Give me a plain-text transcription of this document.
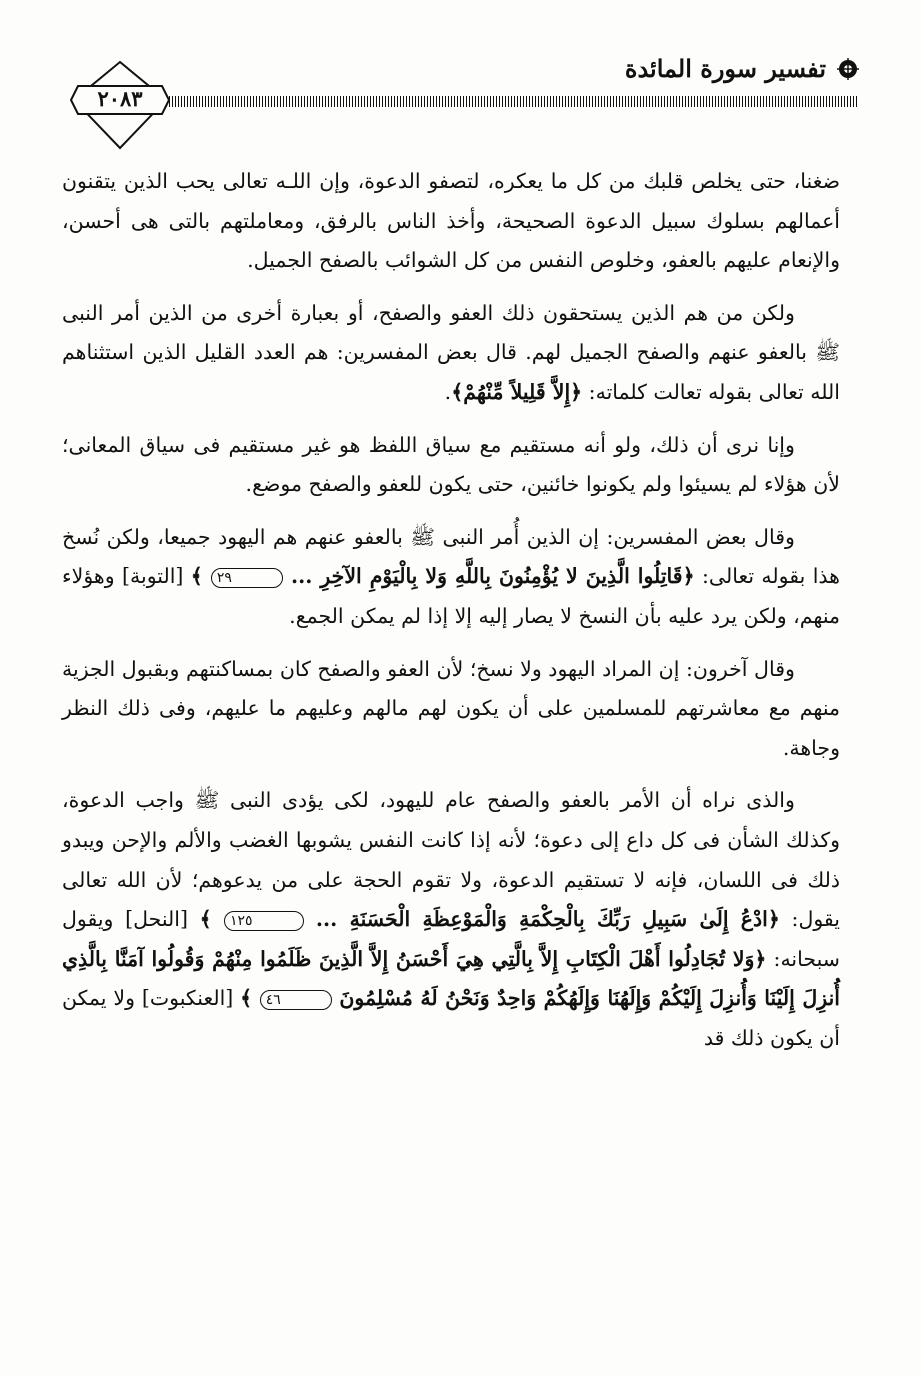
تفسير سورة المائدة
٢٠٨٣

ضغنا، حتى يخلص قلبك من كل ما يعكره، لتصفو الدعوة، وإن اللـه تعالى يحب الذين يتقنون أعمالهم بسلوك سبيل الدعوة الصحيحة، وأخذ الناس بالرفق، ومعاملتهم بالتى هى أحسن، والإنعام عليهم بالعفو، وخلوص النفس من كل الشوائب بالصفح الجميل.

ولكن من هم الذين يستحقون ذلك العفو والصفح، أو بعبارة أخرى من الذين أمر النبى ﷺ بالعفو عنهم والصفح الجميل لهم. قال بعض المفسرين: هم العدد القليل الذين استثناهم الله تعالى بقوله تعالت كلماته: ﴿إِلاَّ قَلِيلاً مِّنْهُمْ﴾.

وإنا نرى أن ذلك، ولو أنه مستقيم مع سياق اللفظ هو غير مستقيم فى سياق المعانى؛ لأن هؤلاء لم يسيئوا ولم يكونوا خائنين، حتى يكون للعفو والصفح موضع.

وقال بعض المفسرين: إن الذين أُمر النبى ﷺ بالعفو عنهم هم اليهود جميعا، ولكن نُسخ هذا بقوله تعالى: ﴿قَاتِلُوا الَّذِينَ لا يُؤْمِنُونَ بِاللَّهِ وَلا بِالْيَوْمِ الآخِرِ ... ٢٩ ﴾ [التوبة] وهؤلاء منهم، ولكن يرد عليه بأن النسخ لا يصار إليه إلا إذا لم يمكن الجمع.

وقال آخرون: إن المراد اليهود ولا نسخ؛ لأن العفو والصفح كان بمساكنتهم وبقبول الجزية منهم مع معاشرتهم للمسلمين على أن يكون لهم مالهم وعليهم ما عليهم، وفى ذلك النظر وجاهة.

والذى نراه أن الأمر بالعفو والصفح عام لليهود، لكى يؤدى النبى ﷺ واجب الدعوة، وكذلك الشأن فى كل داع إلى دعوة؛ لأنه إذا كانت النفس يشوبها الغضب والألم والإحن ويبدو ذلك فى اللسان، فإنه لا تستقيم الدعوة، ولا تقوم الحجة على من يدعوهم؛ لأن الله تعالى يقول: ﴿ادْعُ إِلَىٰ سَبِيلِ رَبِّكَ بِالْحِكْمَةِ وَالْمَوْعِظَةِ الْحَسَنَةِ ... ١٢٥ ﴾ [النحل] ويقول سبحانه: ﴿وَلا تُجَادِلُوا أَهْلَ الْكِتَابِ إِلاَّ بِالَّتِي هِيَ أَحْسَنُ إِلاَّ الَّذِينَ ظَلَمُوا مِنْهُمْ وَقُولُوا آمَنَّا بِالَّذِي أُنزِلَ إِلَيْنَا وَأُنزِلَ إِلَيْكُمْ وَإِلَهُنَا وَإِلَهُكُمْ وَاحِدٌ وَنَحْنُ لَهُ مُسْلِمُونَ ٤٦ ﴾ [العنكبوت] ولا يمكن أن يكون ذلك قد
